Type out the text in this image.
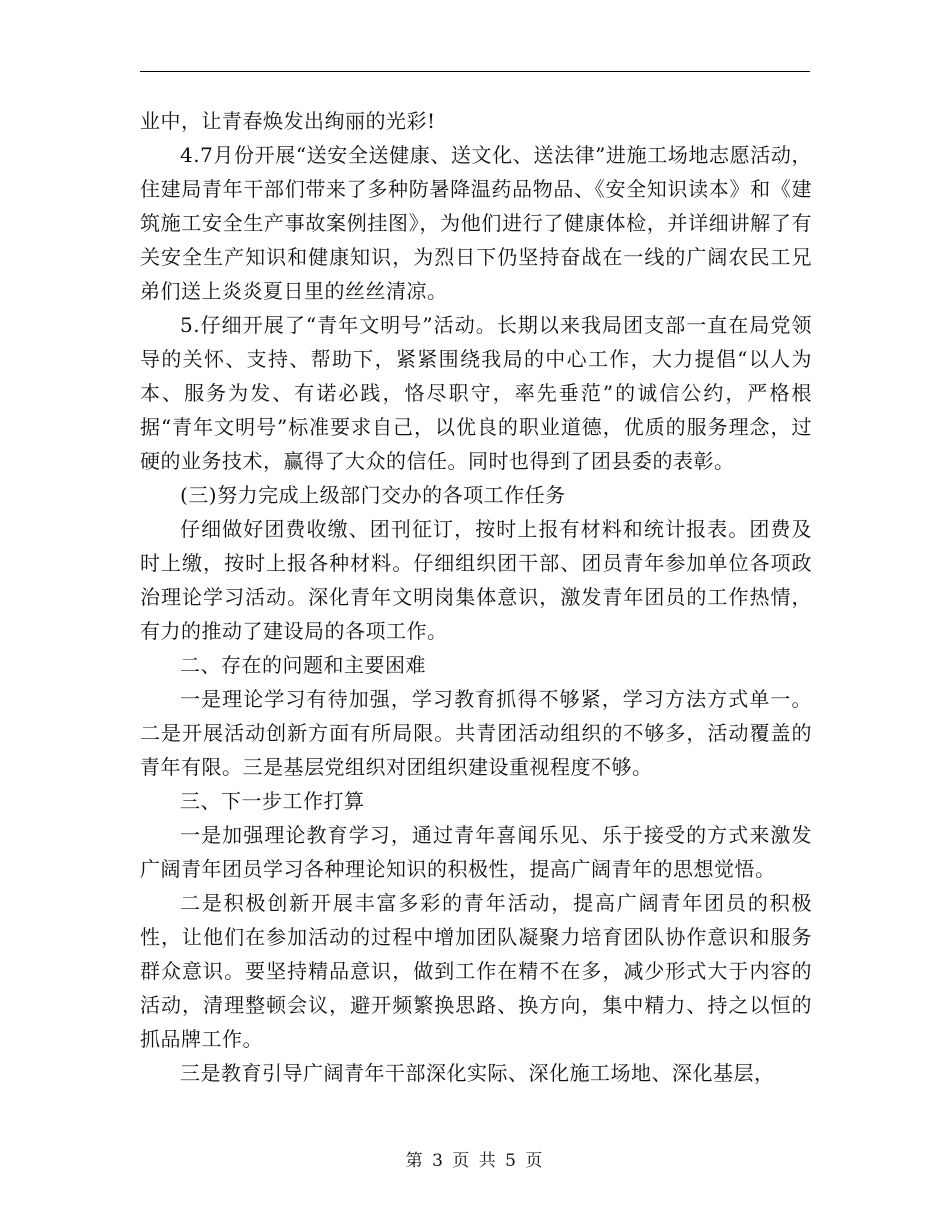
业中，让青春焕发出绚丽的光彩!

4.7月份开展“送安全送健康、送文化、送法律”进施工场地志愿活动，住建局青年干部们带来了多种防暑降温药品物品、《安全知识读本》和《建筑施工安全生产事故案例挂图》，为他们进行了健康体检，并详细讲解了有关安全生产知识和健康知识，为烈日下仍坚持奋战在一线的广阔农民工兄弟们送上炎炎夏日里的丝丝清凉。

5.仔细开展了“青年文明号”活动。长期以来我局团支部一直在局党领导的关怀、支持、帮助下，紧紧围绕我局的中心工作，大力提倡“以人为本、服务为发、有诺必践，恪尽职守，率先垂范”的诚信公约，严格根据“青年文明号”标准要求自己，以优良的职业道德，优质的服务理念，过硬的业务技术，赢得了大众的信任。同时也得到了团县委的表彰。

(三)努力完成上级部门交办的各项工作任务

仔细做好团费收缴、团刊征订，按时上报有材料和统计报表。团费及时上缴，按时上报各种材料。仔细组织团干部、团员青年参加单位各项政治理论学习活动。深化青年文明岗集体意识，激发青年团员的工作热情，有力的推动了建设局的各项工作。

二、存在的问题和主要困难

一是理论学习有待加强，学习教育抓得不够紧，学习方法方式单一。二是开展活动创新方面有所局限。共青团活动组织的不够多，活动覆盖的青年有限。三是基层党组织对团组织建设重视程度不够。

三、下一步工作打算

一是加强理论教育学习，通过青年喜闻乐见、乐于接受的方式来激发广阔青年团员学习各种理论知识的积极性，提高广阔青年的思想觉悟。

二是积极创新开展丰富多彩的青年活动，提高广阔青年团员的积极性，让他们在参加活动的过程中增加团队凝聚力培育团队协作意识和服务群众意识。要坚持精品意识，做到工作在精不在多，减少形式大于内容的活动，清理整顿会议，避开频繁换思路、换方向，集中精力、持之以恒的抓品牌工作。

三是教育引导广阔青年干部深化实际、深化施工场地、深化基层，

第 3 页 共 5 页
